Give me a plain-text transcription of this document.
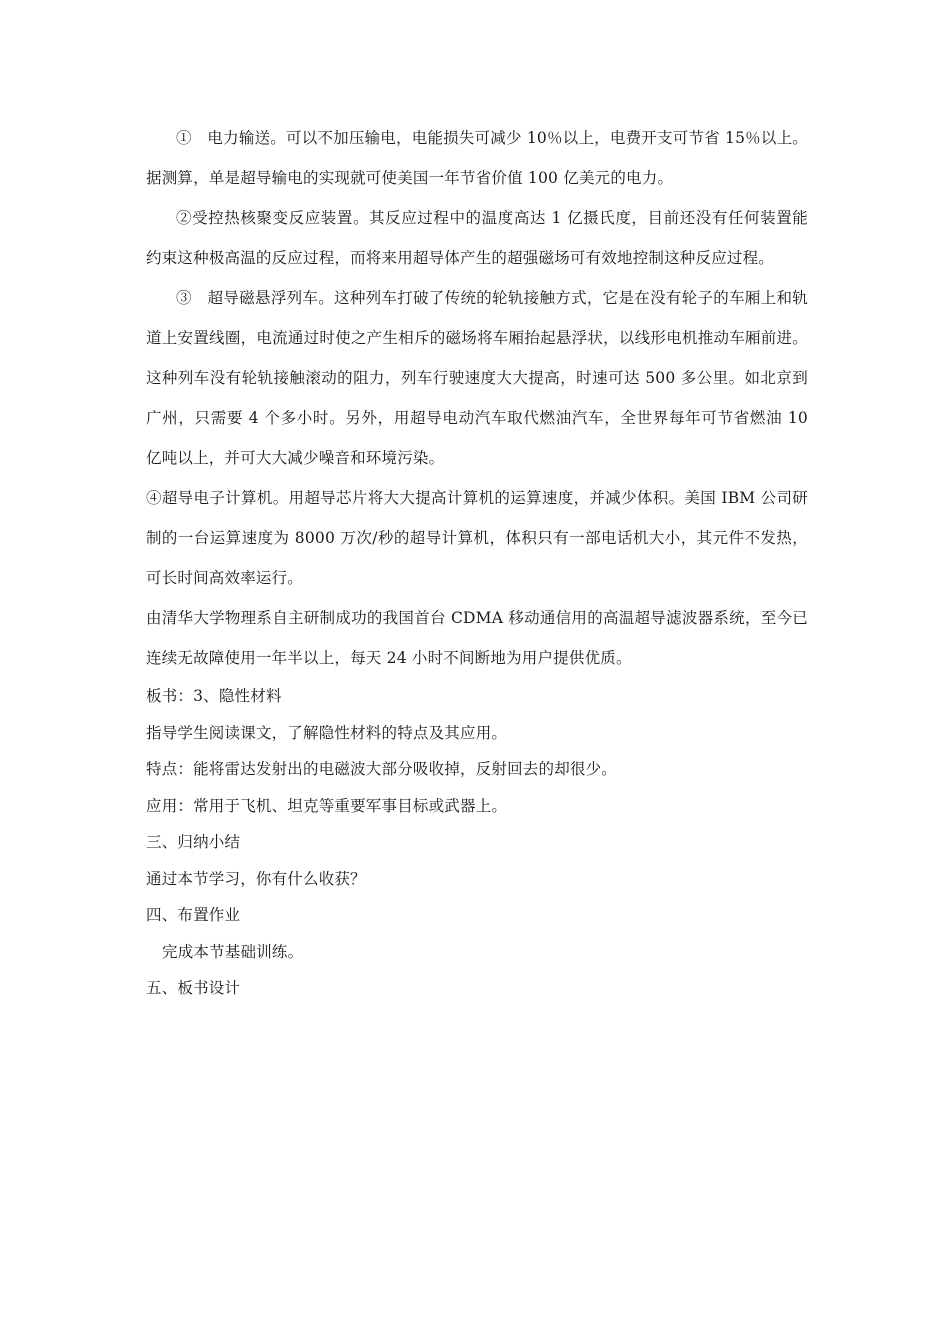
①　电力输送。可以不加压输电，电能损失可减少 10％以上，电费开支可节省 15％以上。据测算，单是超导输电的实现就可使美国一年节省价值 100 亿美元的电力。

②受控热核聚变反应装置。其反应过程中的温度高达 1 亿摄氏度，目前还没有任何装置能约束这种极高温的反应过程，而将来用超导体产生的超强磁场可有效地控制这种反应过程。

③　超导磁悬浮列车。这种列车打破了传统的轮轨接触方式，它是在没有轮子的车厢上和轨道上安置线圈，电流通过时使之产生相斥的磁场将车厢抬起悬浮状，以线形电机推动车厢前进。这种列车没有轮轨接触滚动的阻力，列车行驶速度大大提高，时速可达 500 多公里。如北京到广州，只需要 4 个多小时。另外，用超导电动汽车取代燃油汽车，全世界每年可节省燃油 10 亿吨以上，并可大大减少噪音和环境污染。

④超导电子计算机。用超导芯片将大大提高计算机的运算速度，并减少体积。美国 IBM 公司研制的一台运算速度为 8000 万次/秒的超导计算机，体积只有一部电话机大小，其元件不发热，可长时间高效率运行。

由清华大学物理系自主研制成功的我国首台 CDMA 移动通信用的高温超导滤波器系统，至今已连续无故障使用一年半以上，每天 24 小时不间断地为用户提供优质。

板书：3、隐性材料

指导学生阅读课文，了解隐性材料的特点及其应用。

特点：能将雷达发射出的电磁波大部分吸收掉，反射回去的却很少。

应用：常用于飞机、坦克等重要军事目标或武器上。

三、归纳小结

通过本节学习，你有什么收获？

四、布置作业

完成本节基础训练。

五、板书设计
